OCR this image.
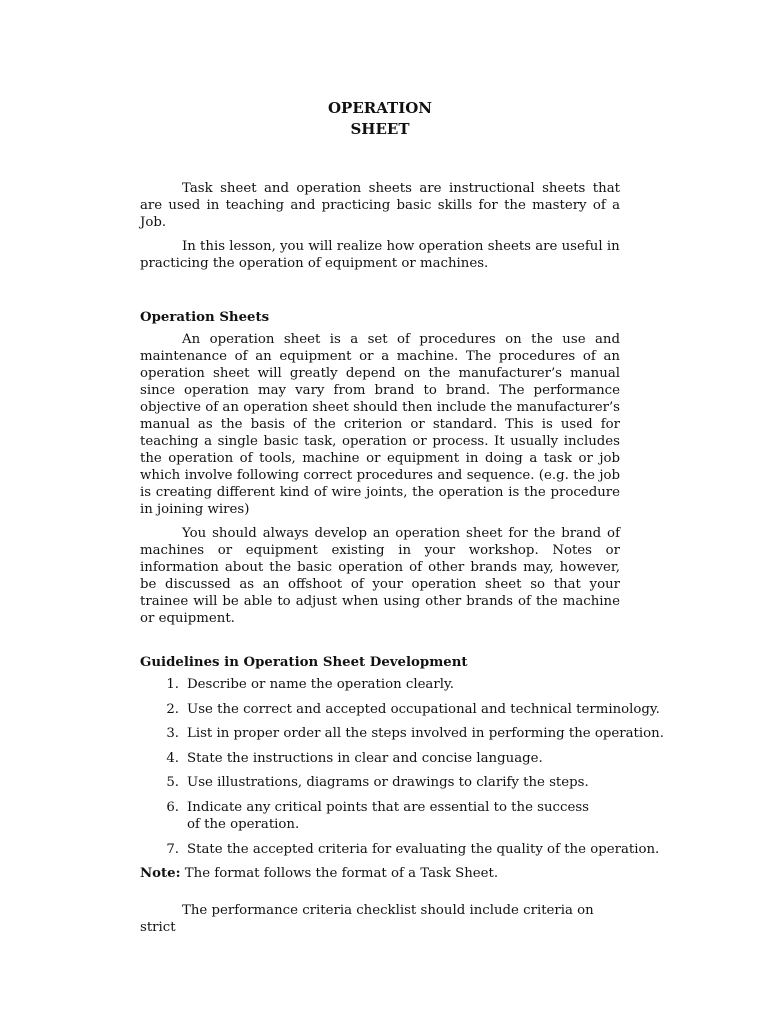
OPERATION
SHEET

Task sheet and operation sheets are instructional sheets that are used in teaching and practicing basic skills for the mastery of a Job.

In this lesson, you will realize how operation sheets are useful in practicing the operation of equipment or machines.

Operation Sheets

An operation sheet is a set of procedures on the use and maintenance of an equipment or a machine. The procedures of an operation sheet will greatly depend on the manufacturer’s manual since operation may vary from brand to brand. The performance objective of an operation sheet should then include the manufacturer’s manual as the basis of the criterion or standard. This is used for teaching a single basic task, operation or process. It usually includes the operation of tools, machine or equipment in doing a task or job which involve following correct procedures and sequence. (e.g. the job is creating different kind of wire joints, the operation is the procedure in joining wires)

You should always develop an operation sheet for the brand of machines or equipment existing in your workshop. Notes or information about the basic operation of other brands may, however, be discussed as an offshoot of your operation sheet so that your trainee will be able to adjust when using other brands of the machine or equipment.

Guidelines in Operation Sheet Development
1. Describe or name the operation clearly.
2. Use the correct and accepted occupational and technical terminology.
3. List in proper order all the steps involved in performing the operation.
4. State the instructions in clear and concise language.
5. Use illustrations, diagrams or drawings to clarify the steps.
6. Indicate any critical points that are essential to the success of the operation.
7. State the accepted criteria for evaluating the quality of the operation.
Note: The format follows the format of a Task Sheet.

The performance criteria checklist should include criteria on strict
